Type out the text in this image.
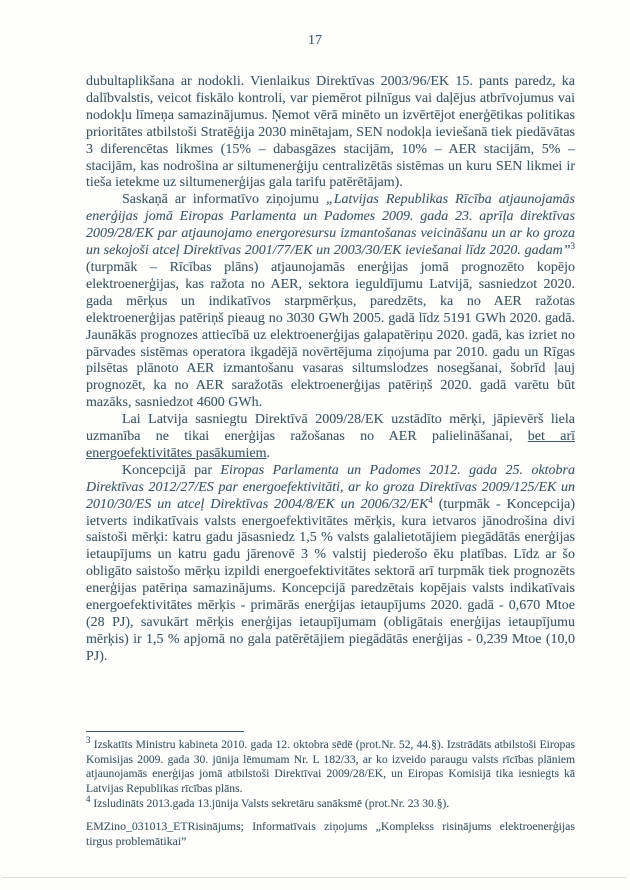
17

dubultaplikšana ar nodokli. Vienlaikus Direktīvas 2003/96/EK 15. pants paredz, ka dalībvalstis, veicot fiskālo kontroli, var piemērot pilnīgus vai daļējus atbrīvojumus vai nodokļu līmeņa samazinājumus. Ņemot vērā minēto un izvērtējot enerģētikas politikas prioritātes atbilstoši Stratēģija 2030 minētajam, SEN nodokļa ieviešanā tiek piedāvātas 3 diferencētas likmes (15% – dabasgāzes stacijām, 10% – AER stacijām, 5% – stacijām, kas nodrošina ar siltumenerģiju centralizētās sistēmas un kuru SEN likmei ir tieša ietekme uz siltumenerģijas gala tarifu patērētājam).

Saskaņā ar informatīvo ziņojumu „Latvijas Republikas Rīcība atjaunojamās enerģijas jomā Eiropas Parlamenta un Padomes 2009. gada 23. aprīļa direktīvas 2009/28/EK par atjaunojamo energoresursu izmantošanas veicināšanu un ar ko groza un sekojoši atceļ Direktīvas 2001/77/EK un 2003/30/EK ieviešanai līdz 2020. gadam”$^3$ (turpmāk – Rīcības plāns) atjaunojamās enerģijas jomā prognozēto kopējo elektroenerģijas, kas ražota no AER, sektora ieguldījumu Latvijā, sasniedzot 2020. gada mērķus un indikatīvos starpmērķus, paredzēts, ka no AER ražotas elektroenerģijas patēriņš pieaug no 3030 GWh 2005. gadā līdz 5191 GWh 2020. gadā. Jaunākās prognozes attiecībā uz elektroenerģijas galapatēriņu 2020. gadā, kas izriet no pārvades sistēmas operatora ikgadējā novērtējuma ziņojuma par 2010. gadu un Rīgas pilsētas plānoto AER izmantošanu vasaras siltumslodzes nosegšanai, šobrīd ļauj prognozēt, ka no AER saražotās elektroenerģijas patēriņš 2020. gadā varētu būt mazāks, sasniedzot 4600 GWh.

Lai Latvija sasniegtu Direktīvā 2009/28/EK uzstādīto mērķi, jāpievērš liela uzmanība ne tikai enerģijas ražošanas no AER palielināšanai, bet arī energoefektivitātes pasākumiem.

Koncepcijā par Eiropas Parlamenta un Padomes 2012. gada 25. oktobra Direktīvas 2012/27/ES par energoefektivitāti, ar ko groza Direktīvas 2009/125/EK un 2010/30/ES un atceļ Direktīvas 2004/8/EK un $2006/32/EK^4$ (turpmāk - Koncepcija) ietverts indikatīvais valsts energoefektivitātes mērķis, kura ietvaros jānodrošina divi saistoši mērķi: katru gadu jāsasniedz 1,5 % valsts galalietotājiem piegādātās enerģijas ietaupījums un katru gadu jārenovē 3 % valstij piederošo ēku platības. Līdz ar šo obligāto saistošo mērķu izpildi energoefektivitātes sektorā arī turpmāk tiek prognozēts enerģijas patēriņa samazinājums. Koncepcijā paredzētais kopējais valsts indikatīvais energoefektivitātes mērķis - primārās enerģijas ietaupījums 2020. gadā - 0,670 Mtoe (28 PJ), savukārt mērķis enerģijas ietaupījumam (obligātais enerģijas ietaupījumu mērķis) ir 1,5 % apjomā no gala patērētājiem piegādātās enerģijas - 0,239 Mtoe (10,0 PJ).

$^3$ Izskatīts Ministru kabineta 2010. gada 12. oktobra sēdē (prot.Nr. 52, 44.§). Izstrādāts atbilstoši Eiropas Komisijas 2009. gada 30. jūnija lēmumam Nr. L 182/33, ar ko izveido paraugu valsts rīcības plāniem atjaunojamās enerģijas jomā atbilstoši Direktīvai 2009/28/EK, un Eiropas Komisijā tika iesniegts kā Latvijas Republikas rīcības plāns.

$^4$ Izsludināts 2013.gada 13.jūnija Valsts sekretāru sanāksmē (prot.Nr. 23 30.§).

EMZino_031013_ETRisinājums; Informatīvais ziņojums „Komplekss risinājums elektroenerģijas tirgus problemātikai”
